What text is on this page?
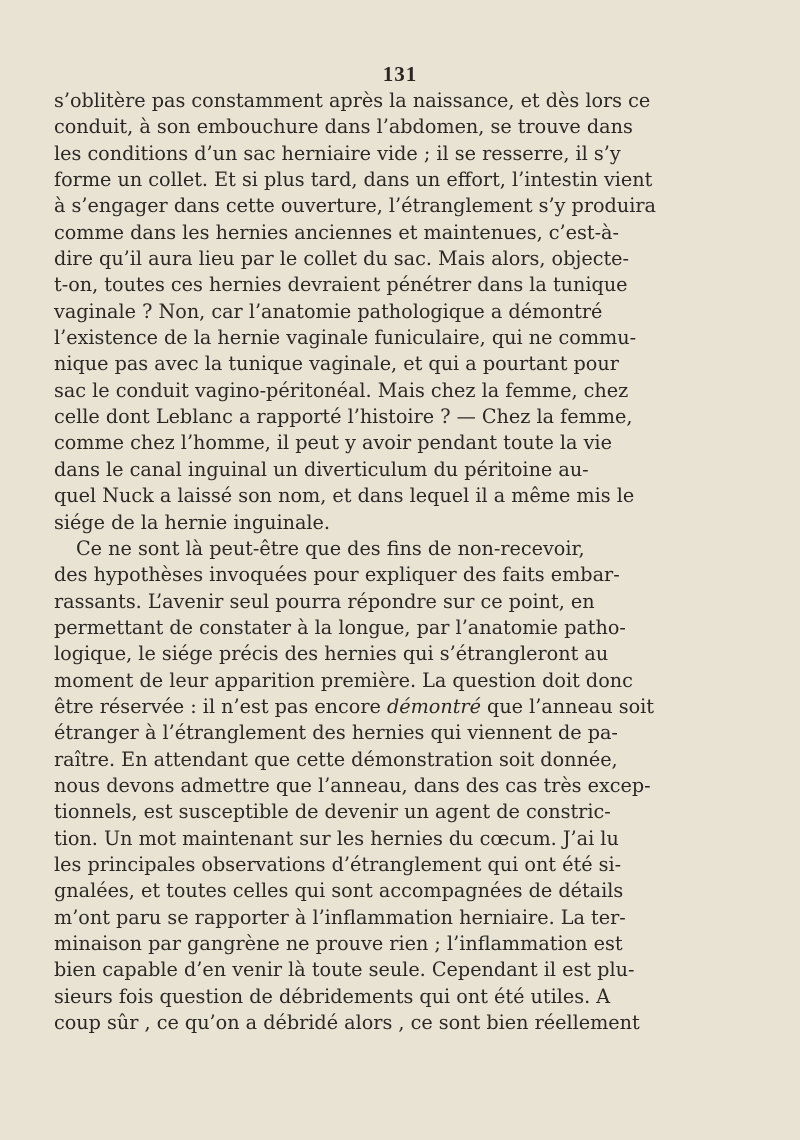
131
s’oblitère pas constamment après la naissance, et dès lors ce
conduit, à son embouchure dans l’abdomen, se trouve dans
les conditions d’un sac herniaire vide ; il se resserre, il s’y
forme un collet. Et si plus tard, dans un effort, l’intestin vient
à s’engager dans cette ouverture, l’étranglement s’y produira
comme dans les hernies anciennes et maintenues, c’est-à-
dire qu’il aura lieu par le collet du sac. Mais alors, objecte-
t-on, toutes ces hernies devraient pénétrer dans la tunique
vaginale ? Non, car l’anatomie pathologique a démontré
l’existence de la hernie vaginale funiculaire, qui ne commu-
nique pas avec la tunique vaginale, et qui a pourtant pour
sac le conduit vagino-péritonéal. Mais chez la femme, chez
celle dont Leblanc a rapporté l’histoire ? — Chez la femme,
comme chez l’homme, il peut y avoir pendant toute la vie
dans le canal inguinal un diverticulum du péritoine au-
quel Nuck a laissé son nom, et dans lequel il a même mis le
siége de la hernie inguinale.
Ce ne sont là peut-être que des fins de non-recevoir,
des hypothèses invoquées pour expliquer des faits embar-
rassants. L’avenir seul pourra répondre sur ce point, en
permettant de constater à la longue, par l’anatomie patho-
logique, le siége précis des hernies qui s’étrangleront au
moment de leur apparition première. La question doit donc
être réservée : il n’est pas encore démontré que l’anneau soit
étranger à l’étranglement des hernies qui viennent de pa-
raître. En attendant que cette démonstration soit donnée,
nous devons admettre que l’anneau, dans des cas très excep-
tionnels, est susceptible de devenir un agent de constric-
tion. Un mot maintenant sur les hernies du cœcum. J’ai lu
les principales observations d’étranglement qui ont été si-
gnalées, et toutes celles qui sont accompagnées de détails
m’ont paru se rapporter à l’inflammation herniaire. La ter-
minaison par gangrène ne prouve rien ; l’inflammation est
bien capable d’en venir là toute seule. Cependant il est plu-
sieurs fois question de débridements qui ont été utiles. A
coup sûr , ce qu’on a débridé alors , ce sont bien réellement
